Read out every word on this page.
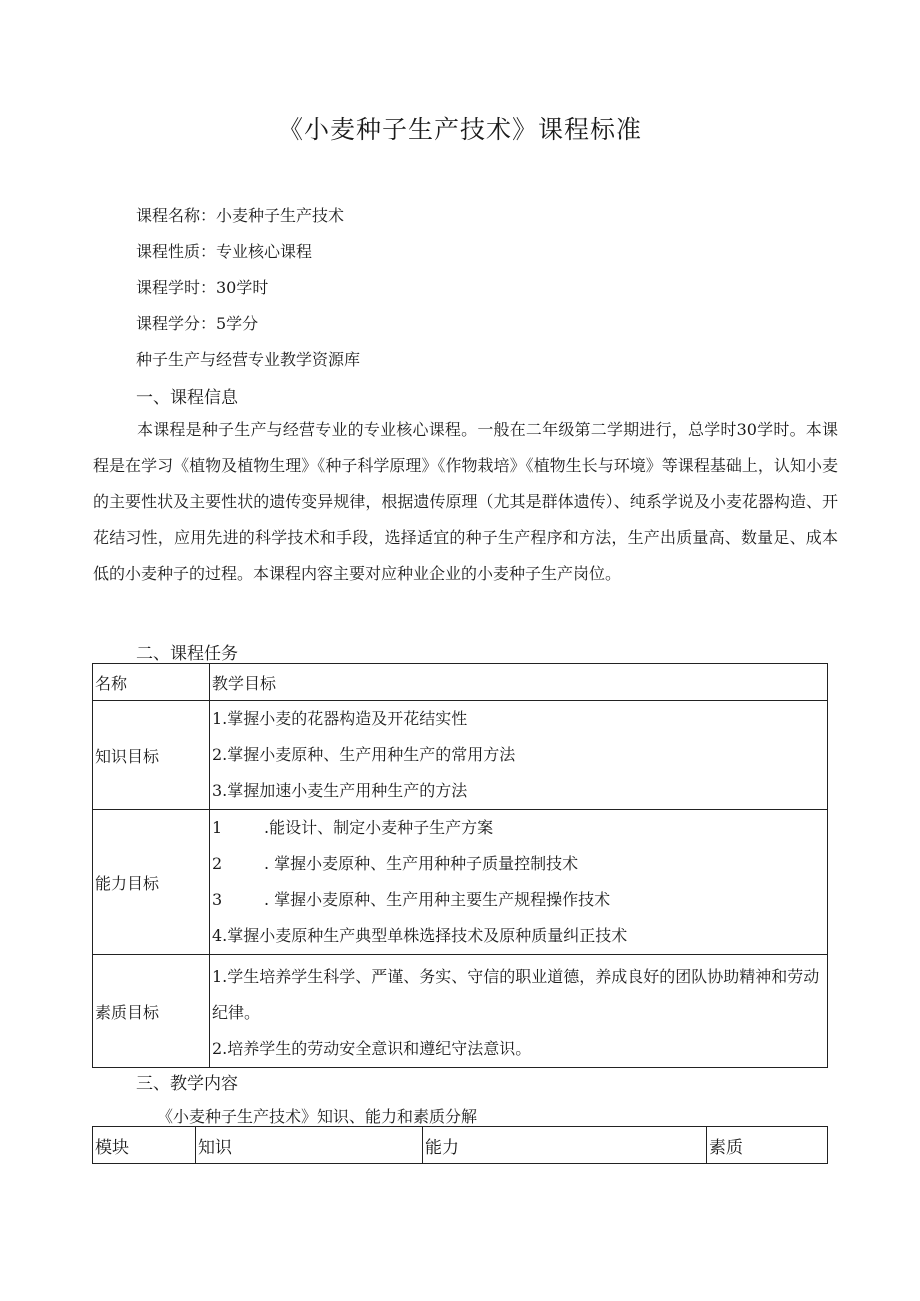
《小麦种子生产技术》课程标准
课程名称：小麦种子生产技术
课程性质：专业核心课程
课程学时：30学时
课程学分：5学分
种子生产与经营专业教学资源库
一、课程信息

本课程是种子生产与经营专业的专业核心课程。一般在二年级第二学期进行，总学时30学时。本课程是在学习《植物及植物生理》《种子科学原理》《作物栽培》《植物生长与环境》等课程基础上，认知小麦的主要性状及主要性状的遗传变异规律，根据遗传原理（尤其是群体遗传）、纯系学说及小麦花器构造、开花结习性，应用先进的科学技术和手段，选择适宜的种子生产程序和方法，生产出质量高、数量足、成本低的小麦种子的过程。本课程内容主要对应种业企业的小麦种子生产岗位。

二、课程任务
名称	教学目标
知识目标	1.掌握小麦的花器构造及开花结实性
2.掌握小麦原种、生产用种生产的常用方法
3.掌握加速小麦生产用种生产的方法

能力目标	1 .能设计、制定小麦种子生产方案
2 . 掌握小麦原种、生产用种种子质量控制技术
3 . 掌握小麦原种、生产用种主要生产规程操作技术
4.掌握小麦原种生产典型单株选择技术及原种质量纠正技术

素质目标	1.学生培养学生科学、严谨、务实、守信的职业道德，养成良好的团队协助精神和劳动纪律。
2.培养学生的劳动安全意识和遵纪守法意识。
三、教学内容
《小麦种子生产技术》知识、能力和素质分解
模块	知识	能力	素质
